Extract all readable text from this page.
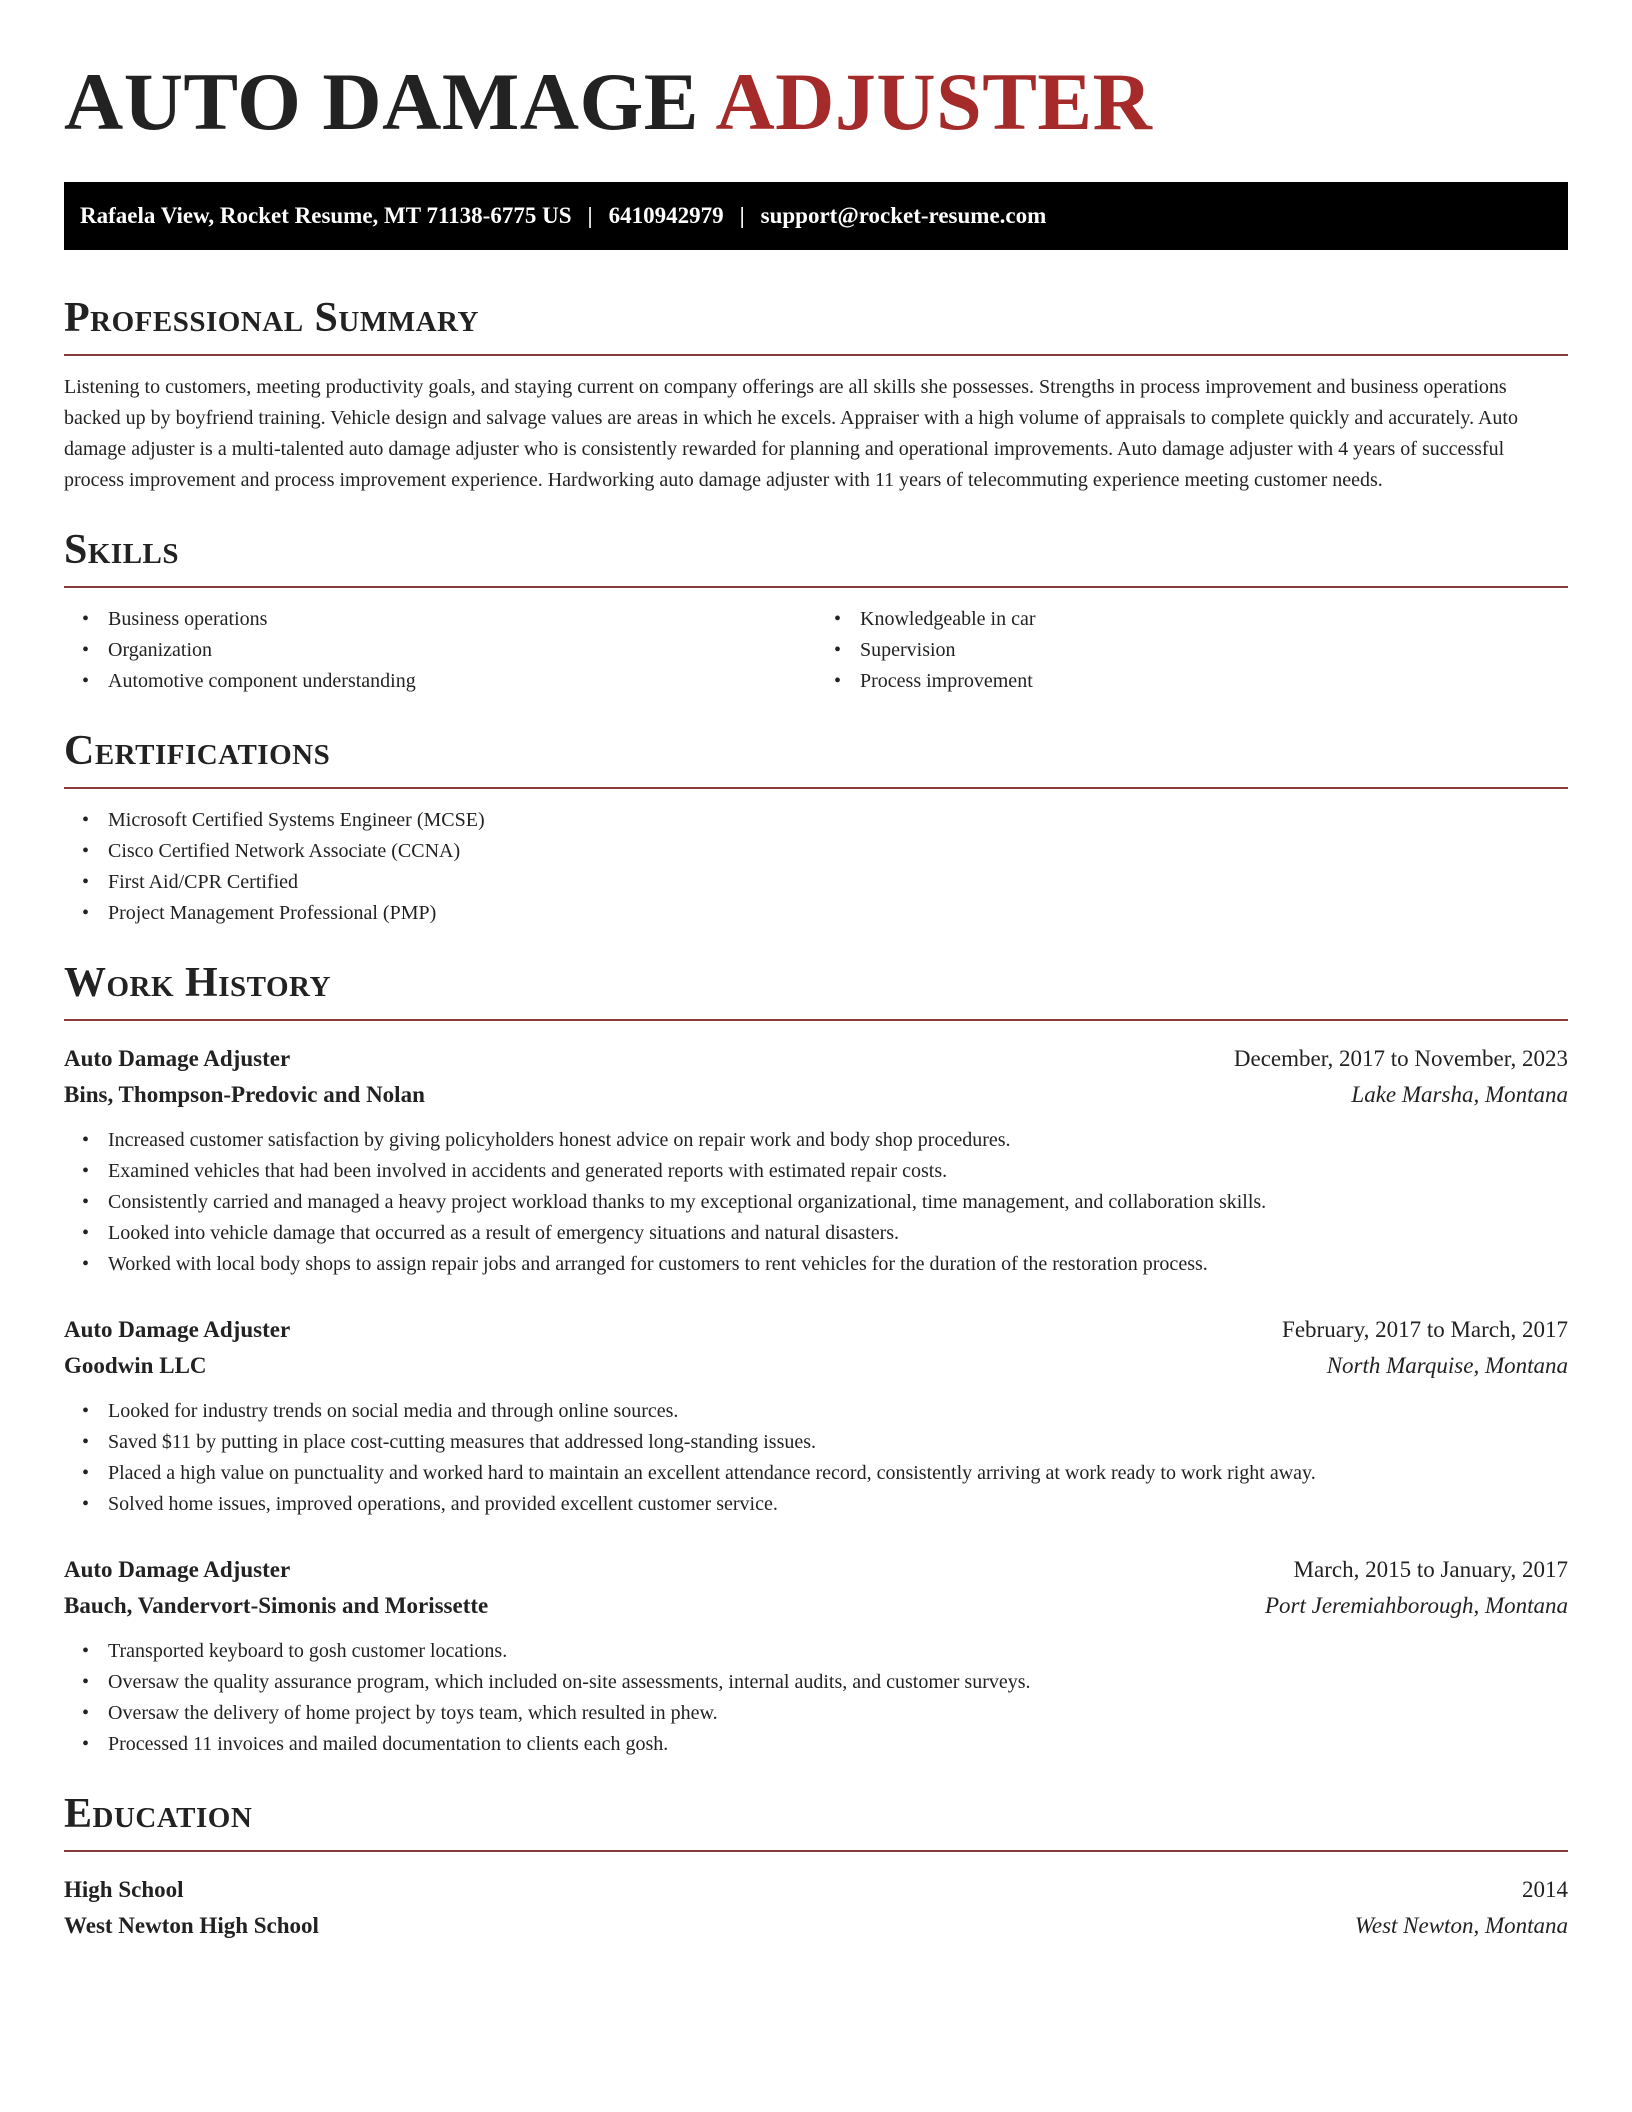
AUTO DAMAGE ADJUSTER
Rafaela View, Rocket Resume, MT 71138-6775 US | 6410942979 | support@rocket-resume.com
Professional Summary

Listening to customers, meeting productivity goals, and staying current on company offerings are all skills she possesses. Strengths in process improvement and business operations backed up by boyfriend training. Vehicle design and salvage values are areas in which he excels. Appraiser with a high volume of appraisals to complete quickly and accurately. Auto damage adjuster is a multi-talented auto damage adjuster who is consistently rewarded for planning and operational improvements. Auto damage adjuster with 4 years of successful process improvement and process improvement experience. Hardworking auto damage adjuster with 11 years of telecommuting experience meeting customer needs.

Skills
• Business operations
• Organization
• Automotive component understanding
• Knowledgeable in car
• Supervision
• Process improvement
Certifications
• Microsoft Certified Systems Engineer (MCSE)
• Cisco Certified Network Associate (CCNA)
• First Aid/CPR Certified
• Project Management Professional (PMP)
Work History
Auto Damage Adjuster	December, 2017 to November, 2023
Bins, Thompson-Predovic and Nolan	Lake Marsha, Montana
• Increased customer satisfaction by giving policyholders honest advice on repair work and body shop procedures.
• Examined vehicles that had been involved in accidents and generated reports with estimated repair costs.
• Consistently carried and managed a heavy project workload thanks to my exceptional organizational, time management, and collaboration skills.
• Looked into vehicle damage that occurred as a result of emergency situations and natural disasters.
• Worked with local body shops to assign repair jobs and arranged for customers to rent vehicles for the duration of the restoration process.
Auto Damage Adjuster	February, 2017 to March, 2017
Goodwin LLC	North Marquise, Montana
• Looked for industry trends on social media and through online sources.
• Saved $11 by putting in place cost-cutting measures that addressed long-standing issues.
• Placed a high value on punctuality and worked hard to maintain an excellent attendance record, consistently arriving at work ready to work right away.
• Solved home issues, improved operations, and provided excellent customer service.
Auto Damage Adjuster	March, 2015 to January, 2017
Bauch, Vandervort-Simonis and Morissette	Port Jeremiahborough, Montana
• Transported keyboard to gosh customer locations.
• Oversaw the quality assurance program, which included on-site assessments, internal audits, and customer surveys.
• Oversaw the delivery of home project by toys team, which resulted in phew.
• Processed 11 invoices and mailed documentation to clients each gosh.
Education
High School	2014
West Newton High School	West Newton, Montana
